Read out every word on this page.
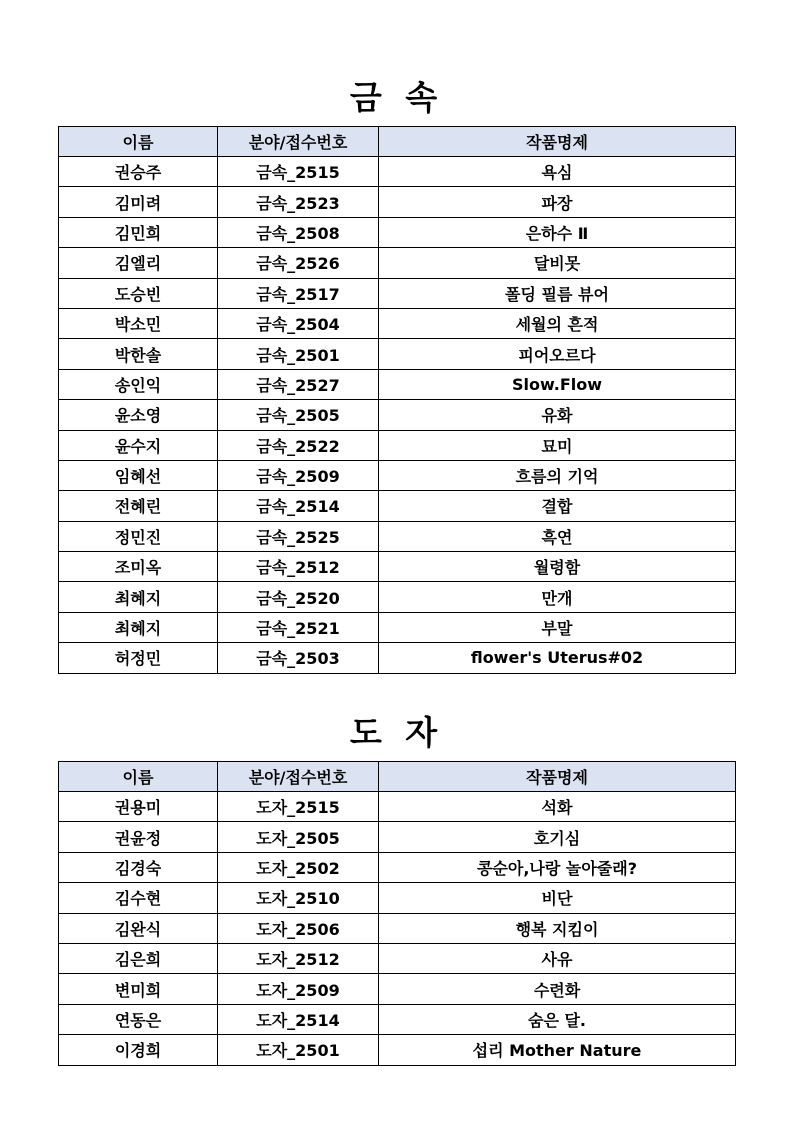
금 속
이름	분야/접수번호	작품명제
권승주	금속_2515	욕심
김미려	금속_2523	파장
김민희	금속_2508	은하수 Ⅱ
김엘리	금속_2526	달비못
도승빈	금속_2517	폴딩 필름 뷰어
박소민	금속_2504	세월의 흔적
박한솔	금속_2501	피어오르다
송인익	금속_2527	Slow.Flow
윤소영	금속_2505	유화
윤수지	금속_2522	묘미
임혜선	금속_2509	흐름의 기억
전혜린	금속_2514	결합
정민진	금속_2525	흑연
조미옥	금속_2512	월령함
최혜지	금속_2520	만개
최혜지	금속_2521	부말
허정민	금속_2503	flower's Uterus#02
도 자
이름	분야/접수번호	작품명제
권용미	도자_2515	석화
권윤정	도자_2505	호기심
김경숙	도자_2502	콩순아,나랑 놀아줄래?
김수현	도자_2510	비단
김완식	도자_2506	행복 지킴이
김은희	도자_2512	사유
변미희	도자_2509	수련화
연동은	도자_2514	숨은 달.
이경희	도자_2501	섭리 Mother Nature
